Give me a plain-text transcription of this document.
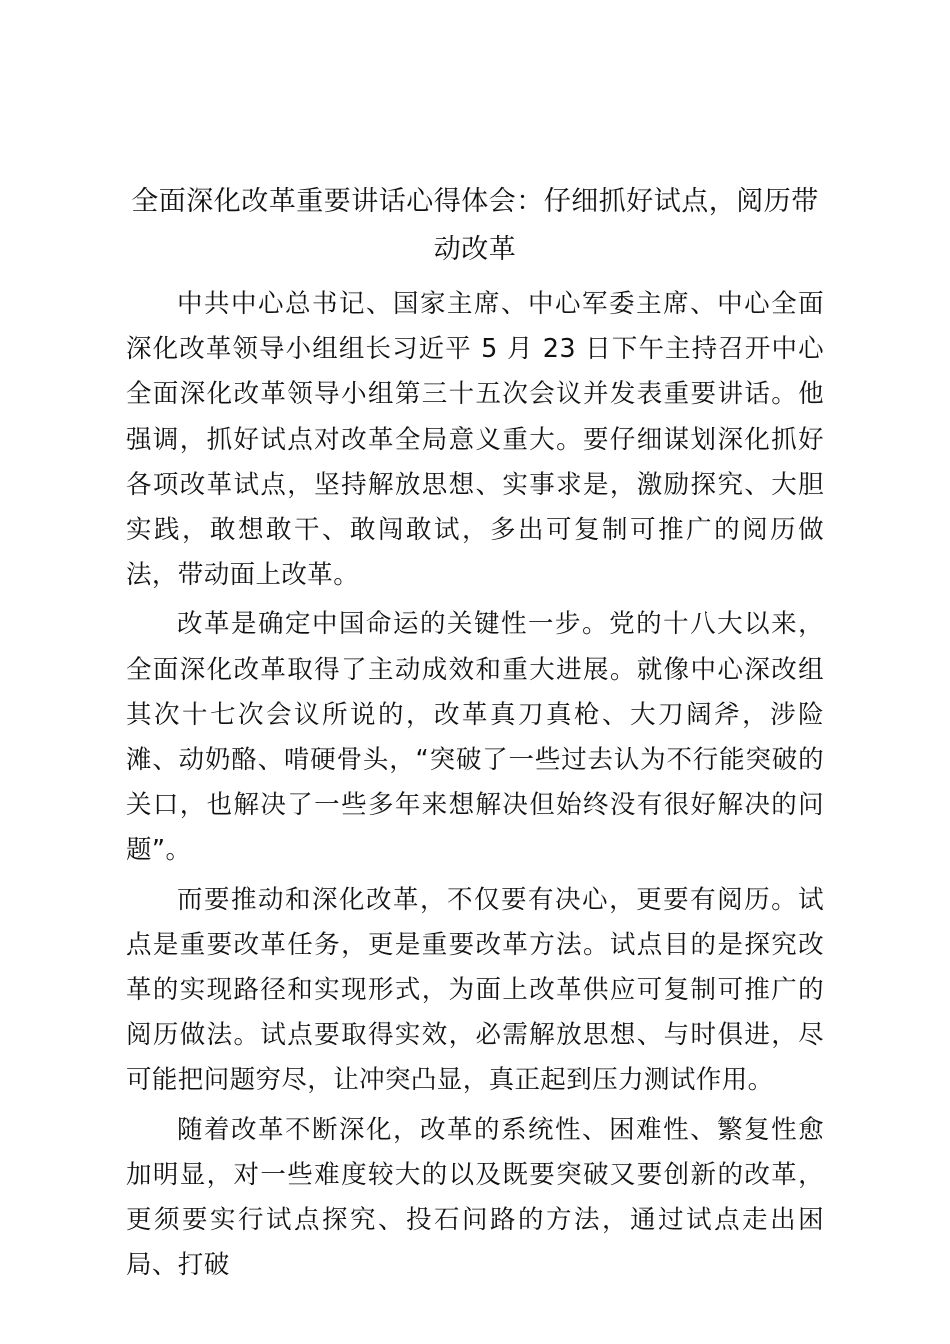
全面深化改革重要讲话心得体会：仔细抓好试点，阅历带动改革

中共中心总书记、国家主席、中心军委主席、中心全面深化改革领导小组组长习近平 5 月 23 日下午主持召开中心全面深化改革领导小组第三十五次会议并发表重要讲话。他强调，抓好试点对改革全局意义重大。要仔细谋划深化抓好各项改革试点，坚持解放思想、实事求是，激励探究、大胆实践，敢想敢干、敢闯敢试，多出可复制可推广的阅历做法，带动面上改革。

改革是确定中国命运的关键性一步。党的十八大以来，全面深化改革取得了主动成效和重大进展。就像中心深改组其次十七次会议所说的，改革真刀真枪、大刀阔斧，涉险滩、动奶酪、啃硬骨头，“突破了一些过去认为不行能突破的关口，也解决了一些多年来想解决但始终没有很好解决的问题”。

而要推动和深化改革，不仅要有决心，更要有阅历。试点是重要改革任务，更是重要改革方法。试点目的是探究改革的实现路径和实现形式，为面上改革供应可复制可推广的阅历做法。试点要取得实效，必需解放思想、与时俱进，尽可能把问题穷尽，让冲突凸显，真正起到压力测试作用。

随着改革不断深化，改革的系统性、困难性、繁复性愈加明显，对一些难度较大的以及既要突破又要创新的改革，更须要实行试点探究、投石问路的方法，通过试点走出困局、打破
